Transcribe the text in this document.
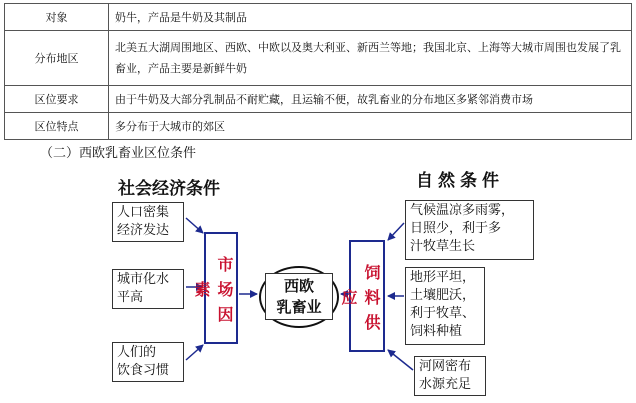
对象	奶牛，产品是牛奶及其制品
分布地区	北美五大湖周围地区、西欧、中欧以及奥大利亚、新西兰等地；我国北京、上海等大城市周围也发展了乳畜业，产品主要是新鲜牛奶
区位要求	由于牛奶及大部分乳制品不耐贮藏，且运输不便，故乳畜业的分布地区多紧邻消费市场
区位特点	多分布于大城市的郊区
（二）西欧乳畜业区位条件
社会经济条件	自然条件
人口密集
经济发达
城市化水
平高
人们的
饮食习惯
市场因素	西欧
乳畜业	饲料供应
气候温凉多雨雾，
日照少，利于多
汁牧草生长
地形平坦，
土壤肥沃，
利于牧草、
饲料种植
河网密布
水源充足
